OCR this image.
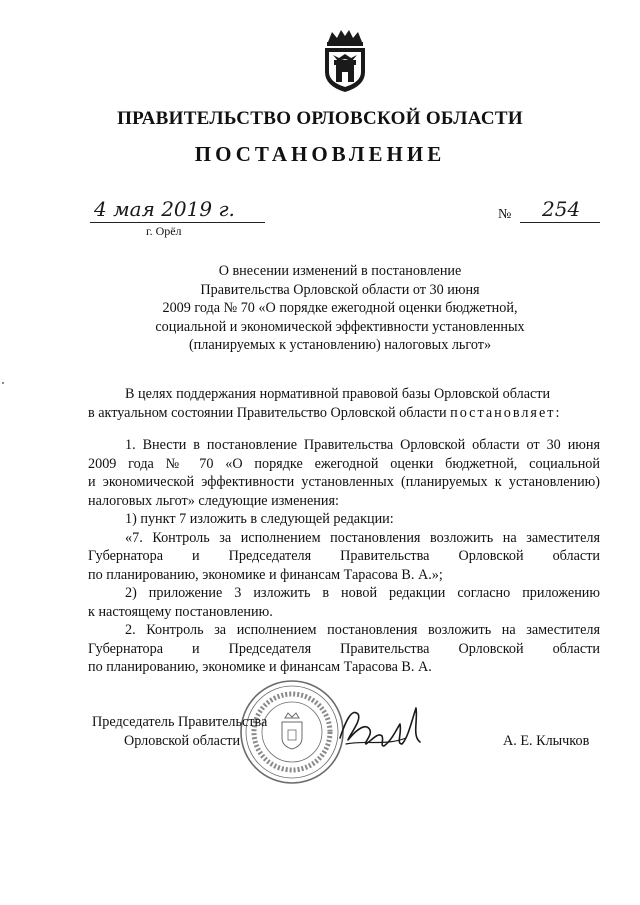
ПРАВИТЕЛЬСТВО ОРЛОВСКОЙ ОБЛАСТИ
ПОСТАНОВЛЕНИЕ
4 мая 2019 г.
г. Орёл
№ 254
О внесении изменений в постановление
Правительства Орловской области от 30 июня
2009 года № 70 «О порядке ежегодной оценки бюджетной,
социальной и экономической эффективности установленных
(планируемых к установлению) налоговых льгот»
В целях поддержания нормативной правовой базы Орловской области
в актуальном состоянии Правительство Орловской области постановляет:
1. Внести в постановление Правительства Орловской области от 30 июня
2009 года № 70 «О порядке ежегодной оценки бюджетной, социальной
и экономической эффективности установленных (планируемых к установлению)
налоговых льгот» следующие изменения:
1) пункт 7 изложить в следующей редакции:
«7. Контроль за исполнением постановления возложить на заместителя
Губернатора и Председателя Правительства Орловской области
по планированию, экономике и финансам Тарасова В. А.»;
2) приложение 3 изложить в новой редакции согласно приложению
к настоящему постановлению.
2. Контроль за исполнением постановления возложить на заместителя
Губернатора и Председателя Правительства Орловской области
по планированию, экономике и финансам Тарасова В. А.
Председатель Правительства
Орловской области	А. Е. Клычков
